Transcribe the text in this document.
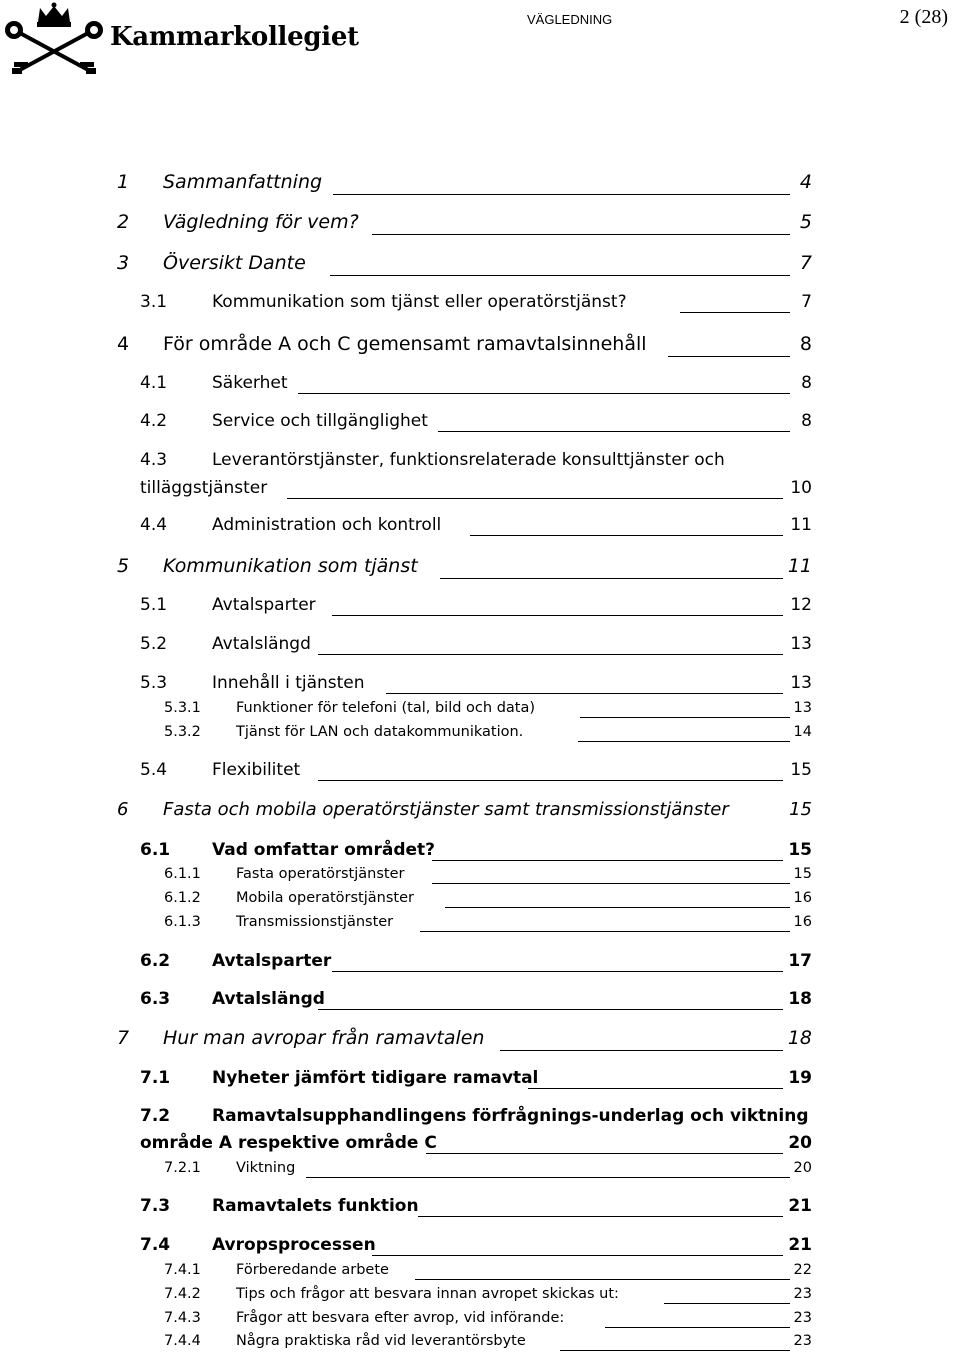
Kammarkollegiet
VÄGLEDNING	2 (28)
1 Sammanfattning	4
2 Vägledning för vem?	5
3 Översikt Dante	7
3.1	Kommunikation som tjänst eller operatörstjänst?	7
4 För område A och C gemensamt ramavtalsinnehåll	8
4.1	Säkerhet	8
4.2	Service och tillgänglighet	8
4.3	Leverantörstjänster, funktionsrelaterade konsulttjänster och
tilläggstjänster	10
4.4	Administration och kontroll	11
5 Kommunikation som tjänst	11
5.1	Avtalsparter	12
5.2	Avtalslängd	13
5.3	Innehåll i tjänsten	13
5.3.1 Funktioner för telefoni (tal, bild och data)	13
5.3.2 Tjänst för LAN och datakommunikation.	14
5.4	Flexibilitet	15
6 Fasta och mobila operatörstjänster samt transmissionstjänster	15
6.1 Vad omfattar området?	15
6.1.1 Fasta operatörstjänster	15
6.1.2 Mobila operatörstjänster	16
6.1.3 Transmissionstjänster	16
6.2 Avtalsparter	17
6.3 Avtalslängd	18
7 Hur man avropar från ramavtalen	18
7.1 Nyheter jämfört tidigare ramavtal	19
7.2 Ramavtalsupphandlingens förfrågnings-underlag och viktning
område A respektive område C	20
7.2.1 Viktning	20
7.3 Ramavtalets funktion	21
7.4 Avropsprocessen	21
7.4.1 Förberedande arbete	22
7.4.2 Tips och frågor att besvara innan avropet skickas ut:	23
7.4.3 Frågor att besvara efter avrop, vid införande:	23
7.4.4 Några praktiska råd vid leverantörsbyte	23
